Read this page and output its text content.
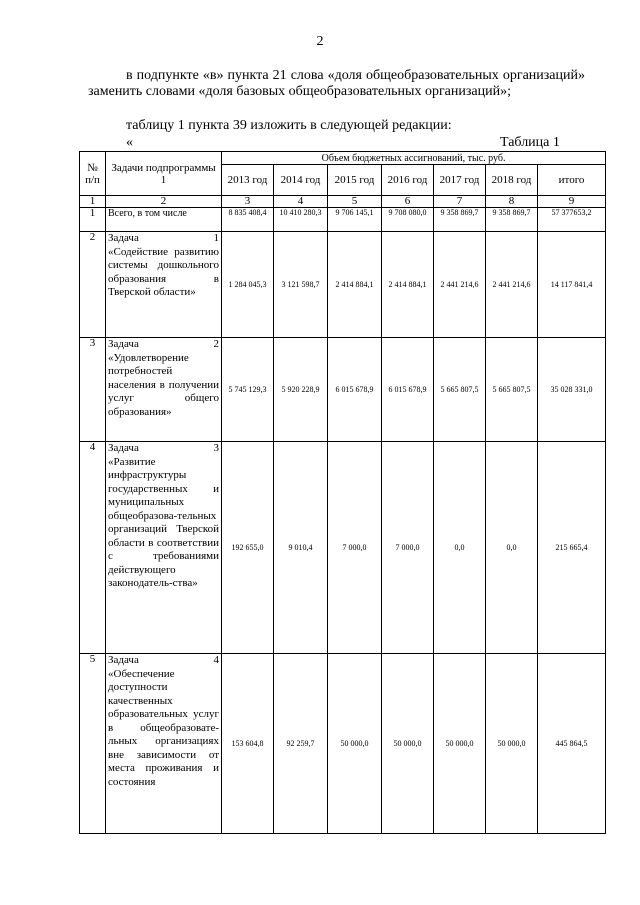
2
в подпункте «в» пункта 21 слова «доля общеобразовательных организаций» заменить словами «доля базовых общеобразовательных организаций»;
таблицу 1 пункта 39 изложить в следующей редакции:
«	Таблица 1
№ п/п	Задачи подпрограммы 1	Объем бюджетных ассигнований, тыс. руб.						
		2013 год	2014 год	2015 год	2016 год	2017 год	2018 год	итого
1	2	3	4	5	6	7	8	9
1	Всего, в том числе	8 835 408,4	10 410 280,3	9 706 145,1	9 708 080,0	9 358 869,7	9 358 869,7	57 377653,2
2	Задача 1
«Содействие развитию системы дошкольного образования в Тверской области»	1 284 045,3	3 121 598,7	2 414 884,1	2 414 884,1	2 441 214,6	2 441 214,6	14 117 841,4
3	Задача 2
«Удовлетворение потребностей населения в получении услуг общего образования»	5 745 129,3	5 920 228,9	6 015 678,9	6 015 678,9	5 665 807,5	5 665 807,5	35 028 331,0
4	Задача 3
«Развитие инфраструктуры государственных и муниципальных общеобразова-тельных организаций Тверской области в соответствии с требованиями действующего законодатель-ства»	192 655,0	9 010,4	7 000,0	7 000,0	0,0	0,0	215 665,4
5	Задача 4
«Обеспечение доступности качественных образовательных услуг в общеобразовате-льных организациях вне зависимости от места проживания и состояния	153 604,8	92 259,7	50 000,0	50 000,0	50 000,0	50 000,0	445 864,5
